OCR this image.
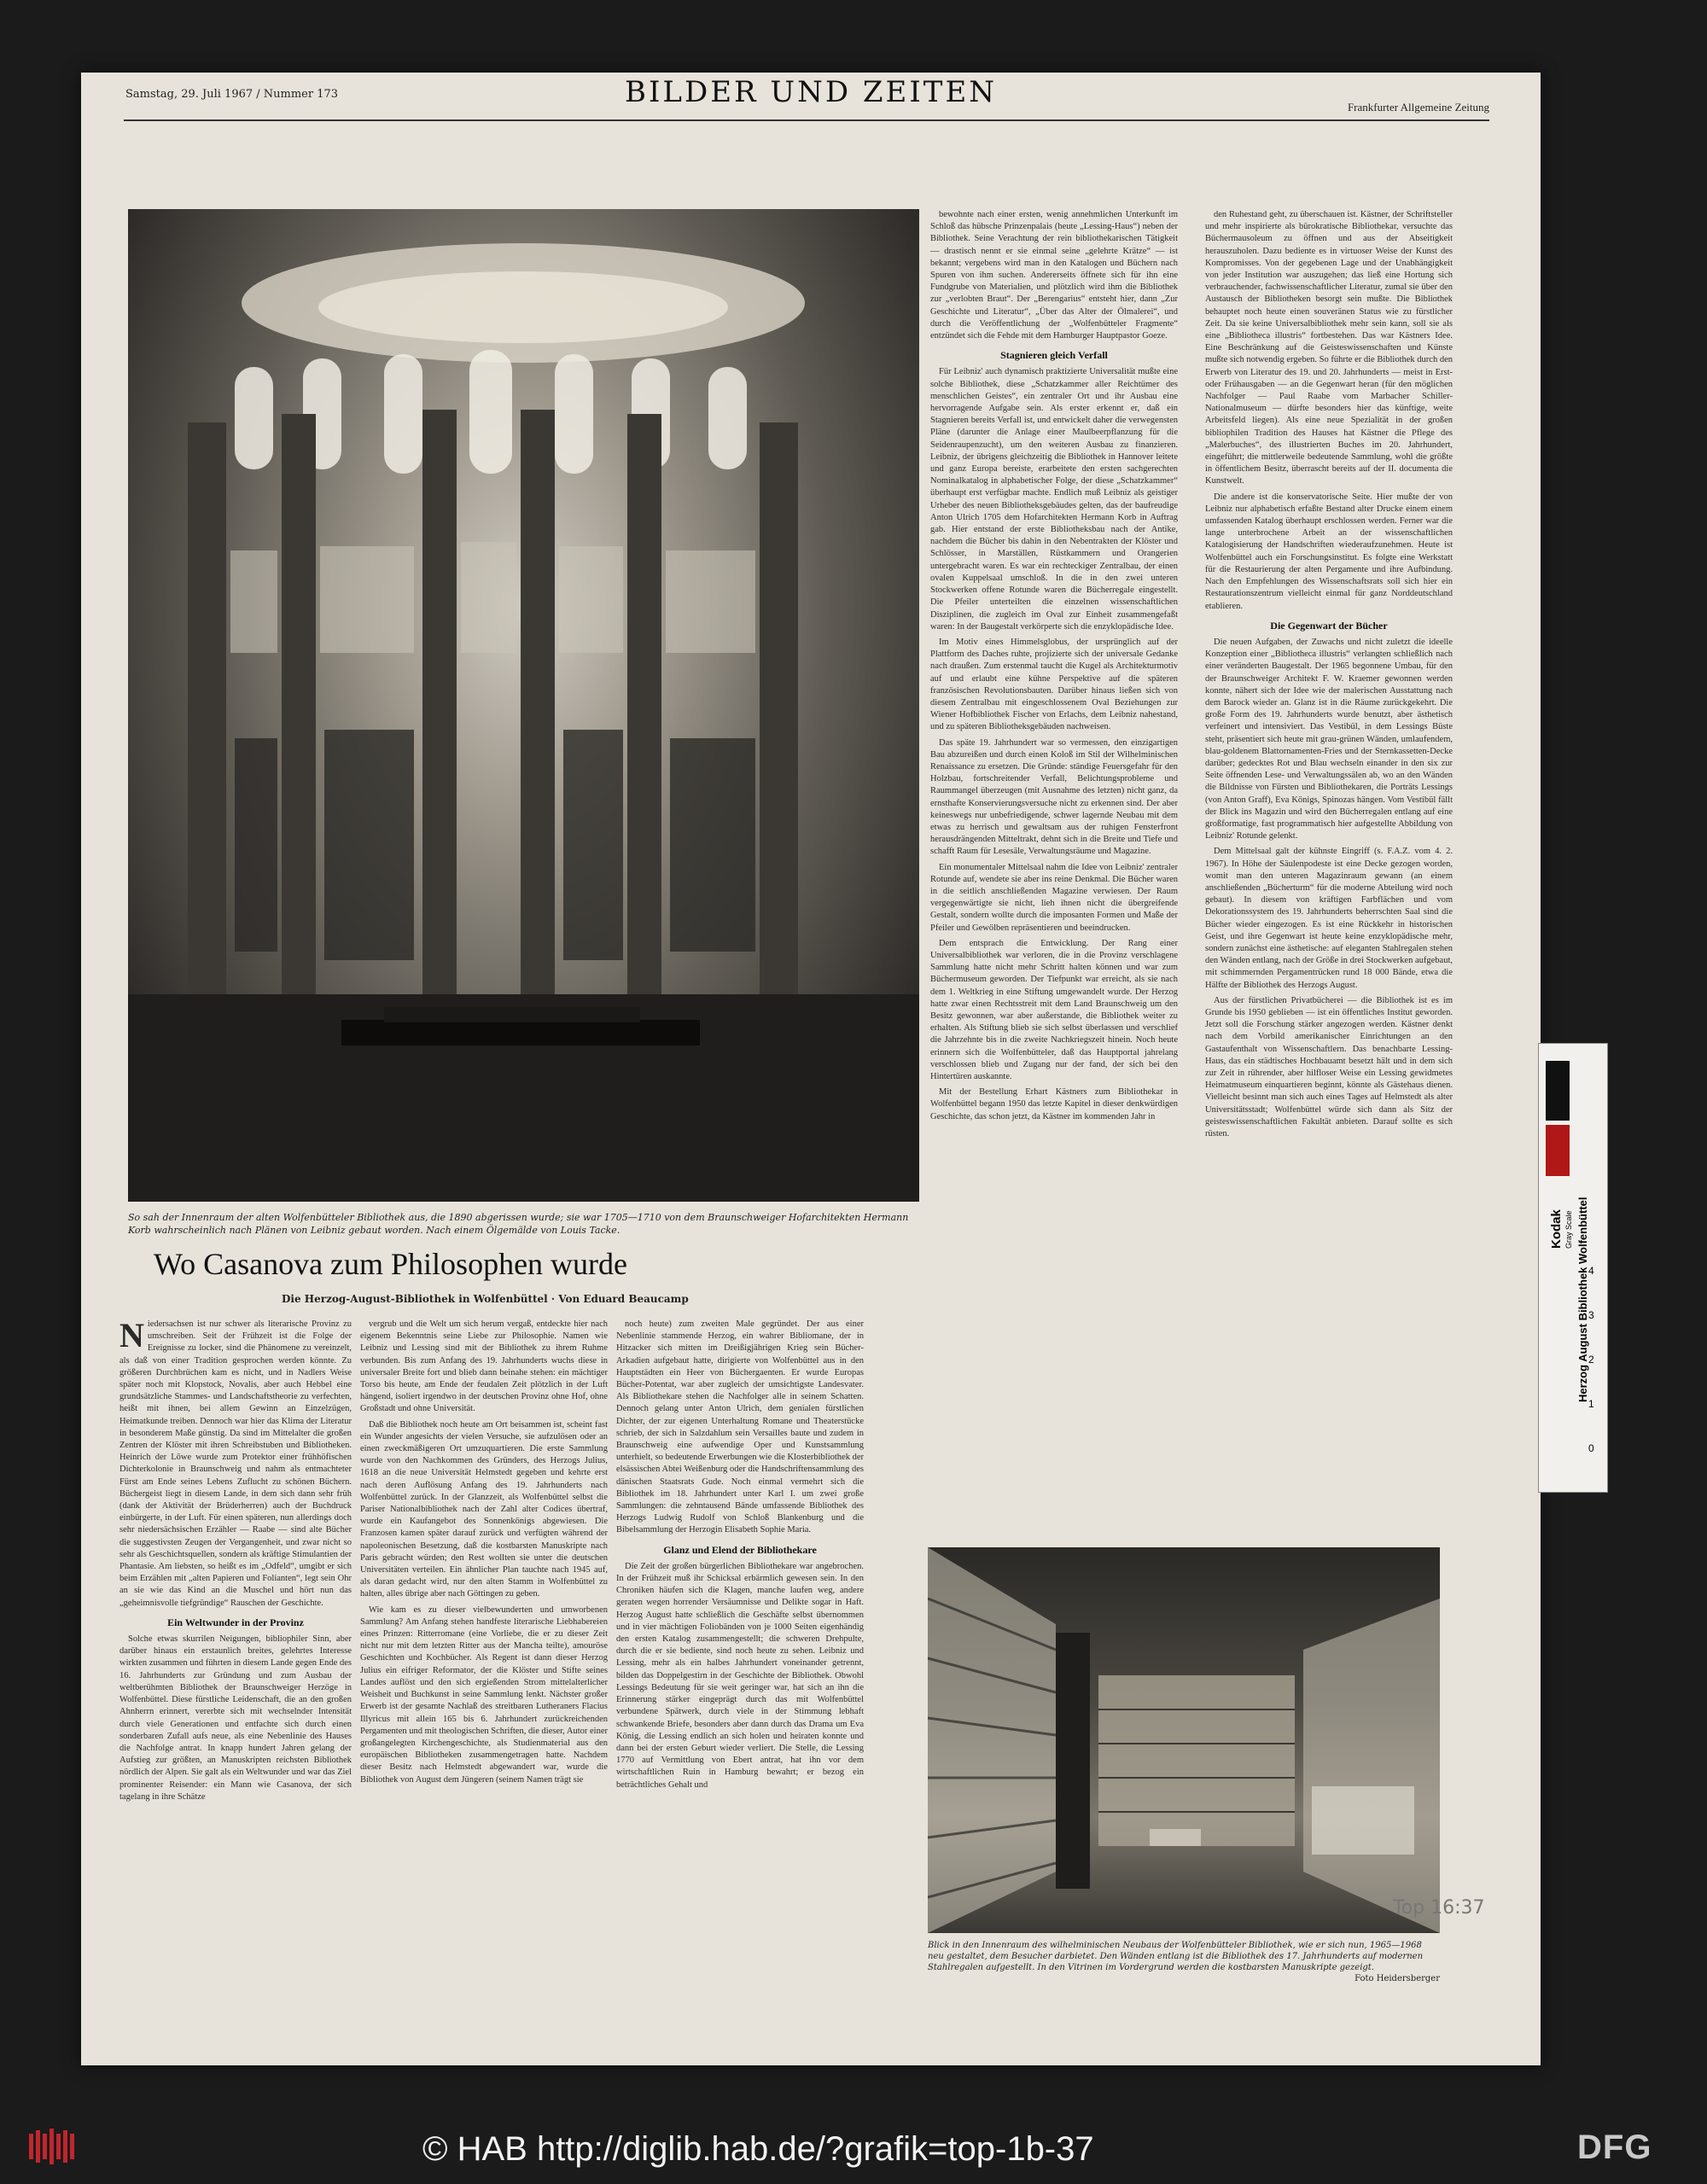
Samstag, 29. Juli 1967 / Nummer 173	BILDER UND ZEITEN	Frankfurter Allgemeine Zeitung
So sah der Innenraum der alten Wolfenbütteler Bibliothek aus, die 1890 abgerissen wurde; sie war 1705—1710 von dem Braunschweiger Hofarchitekten Hermann Korb wahrscheinlich nach Plänen von Leibniz gebaut worden. Nach einem Ölgemälde von Louis Tacke.
Wo Casanova zum Philosophen wurde
Die Herzog-August-Bibliothek in Wolfenbüttel · Von Eduard Beaucamp

Niedersachsen ist nur schwer als literarische Provinz zu umschreiben. Seit der Frühzeit ist die Folge der Ereignisse zu locker, sind die Phänomene zu vereinzelt, als daß von einer Tradition gesprochen werden könnte. Zu größeren Durchbrüchen kam es nicht, und in Nadlers Weise später noch mit Klopstock, Novalis, aber auch Hebbel eine grundsätzliche Stammes- und Landschaftstheorie zu verfechten, heißt mit ihnen, bei allem Gewinn an Einzelzügen, Heimatkunde treiben. Dennoch war hier das Klima der Literatur in besonderem Maße günstig. Da sind im Mittelalter die großen Zentren der Klöster mit ihren Schreibstuben und Bibliotheken. Heinrich der Löwe wurde zum Protektor einer frühhöfischen Dichterkolonie in Braunschweig und nahm als entmachteter Fürst am Ende seines Lebens Zuflucht zu schönen Büchern. Büchergeist liegt in diesem Lande, in dem sich dann sehr früh (dank der Aktivität der Brüderherren) auch der Buchdruck einbürgerte, in der Luft. Für einen späteren, nun allerdings doch sehr niedersächsischen Erzähler — Raabe — sind alte Bücher die suggestivsten Zeugen der Vergangenheit, und zwar nicht so sehr als Geschichtsquellen, sondern als kräftige Stimulantien der Phantasie. Am liebsten, so heißt es im „Odfeld“, umgibt er sich beim Erzählen mit „alten Papieren und Folianten“, legt sein Ohr an sie wie das Kind an die Muschel und hört nun das „geheimnisvolle tiefgründige“ Rauschen der Geschichte.

Ein Weltwunder in der Provinz

Solche etwas skurrilen Neigungen, bibliophiler Sinn, aber darüber hinaus ein erstaunlich breites, gelehrtes Interesse wirkten zusammen und führten in diesem Lande gegen Ende des 16. Jahrhunderts zur Gründung und zum Ausbau der weltberühmten Bibliothek der Braunschweiger Herzöge in Wolfenbüttel. Diese fürstliche Leidenschaft, die an den großen Ahnherrn erinnert, vererbte sich mit wechselnder Intensität durch viele Generationen und entfachte sich durch einen sonderbaren Zufall aufs neue, als eine Nebenlinie des Hauses die Nachfolge antrat. In knapp hundert Jahren gelang der Aufstieg zur größten, an Manuskripten reichsten Bibliothek nördlich der Alpen. Sie galt als ein Weltwunder und war das Ziel prominenter Reisender: ein Mann wie Casanova, der sich tagelang in ihre Schätze

vergrub und die Welt um sich herum vergaß, entdeckte hier nach eigenem Bekenntnis seine Liebe zur Philosophie. Namen wie Leibniz und Lessing sind mit der Bibliothek zu ihrem Ruhme verbunden. Bis zum Anfang des 19. Jahrhunderts wuchs diese in universaler Breite fort und blieb dann beinahe stehen: ein mächtiger Torso bis heute, am Ende der feudalen Zeit plötzlich in der Luft hängend, isoliert irgendwo in der deutschen Provinz ohne Hof, ohne Großstadt und ohne Universität.

Daß die Bibliothek noch heute am Ort beisammen ist, scheint fast ein Wunder angesichts der vielen Versuche, sie aufzulösen oder an einen zweckmäßigeren Ort umzuquartieren. Die erste Sammlung wurde von den Nachkommen des Gründers, des Herzogs Julius, 1618 an die neue Universität Helmstedt gegeben und kehrte erst nach deren Auflösung Anfang des 19. Jahrhunderts nach Wolfenbüttel zurück. In der Glanzzeit, als Wolfenbüttel selbst die Pariser Nationalbibliothek nach der Zahl alter Codices übertraf, wurde ein Kaufangebot des Sonnenkönigs abgewiesen. Die Franzosen kamen später darauf zurück und verfügten während der napoleonischen Besetzung, daß die kostbarsten Manuskripte nach Paris gebracht würden; den Rest wollten sie unter die deutschen Universitäten verteilen. Ein ähnlicher Plan tauchte nach 1945 auf, als daran gedacht wird, nur den alten Stamm in Wolfenbüttel zu halten, alles übrige aber nach Göttingen zu geben.

Wie kam es zu dieser vielbewunderten und umworbenen Sammlung? Am Anfang stehen handfeste literarische Liebhabereien eines Prinzen: Ritterromane (eine Vorliebe, die er zu dieser Zeit nicht nur mit dem letzten Ritter aus der Mancha teilte), amouröse Geschichten und Kochbücher. Als Regent ist dann dieser Herzog Julius ein eifriger Reformator, der die Klöster und Stifte seines Landes auflöst und den sich ergießenden Strom mittelalterlicher Weisheit und Buchkunst in seine Sammlung lenkt. Nächster großer Erwerb ist der gesamte Nachlaß des streitbaren Lutheraners Flacius Illyricus mit allein 165 bis 6. Jahrhundert zurückreichenden Pergamenten und mit theologischen Schriften, die dieser, Autor einer großangelegten Kirchengeschichte, als Studienmaterial aus den europäischen Bibliotheken zusammengetragen hatte. Nachdem dieser Besitz nach Helmstedt abgewandert war, wurde die Bibliothek von August dem Jüngeren (seinem Namen trägt sie

noch heute) zum zweiten Male gegründet. Der aus einer Nebenlinie stammende Herzog, ein wahrer Bibliomane, der in Hitzacker sich mitten im Dreißigjährigen Krieg sein Bücher-Arkadien aufgebaut hatte, dirigierte von Wolfenbüttel aus in den Hauptstädten ein Heer von Büchergaenten. Er wurde Europas Bücher-Potentat, war aber zugleich der umsichtigste Landesvater. Als Bibliothekare stehen die Nachfolger alle in seinem Schatten. Dennoch gelang unter Anton Ulrich, dem genialen fürstlichen Dichter, der zur eigenen Unterhaltung Romane und Theaterstücke schrieb, der sich in Salzdahlum sein Versailles baute und zudem in Braunschweig eine aufwendige Oper und Kunstsammlung unterhielt, so bedeutende Erwerbungen wie die Klosterbibliothek der elsässischen Abtei Weißenburg oder die Handschriftensammlung des dänischen Staatsrats Gude. Noch einmal vermehrt sich die Bibliothek im 18. Jahrhundert unter Karl I. um zwei große Sammlungen: die zehntausend Bände umfassende Bibliothek des Herzogs Ludwig Rudolf von Schloß Blankenburg und die Bibelsammlung der Herzogin Elisabeth Sophie Maria.

Glanz und Elend der Bibliothekare

Die Zeit der großen bürgerlichen Bibliothekare war angebrochen. In der Frühzeit muß ihr Schicksal erbärmlich gewesen sein. In den Chroniken häufen sich die Klagen, manche laufen weg, andere geraten wegen horrender Versäumnisse und Delikte sogar in Haft. Herzog August hatte schließlich die Geschäfte selbst übernommen und in vier mächtigen Foliobänden von je 1000 Seiten eigenhändig den ersten Katalog zusammengestellt; die schweren Drehpulte, durch die er sie bediente, sind noch heute zu sehen. Leibniz und Lessing, mehr als ein halbes Jahrhundert voneinander getrennt, bilden das Doppelgestirn in der Geschichte der Bibliothek. Obwohl Lessings Bedeutung für sie weit geringer war, hat sich an ihn die Erinnerung stärker eingeprägt durch das mit Wolfenbüttel verbundene Spätwerk, durch viele in der Stimmung lebhaft schwankende Briefe, besonders aber dann durch das Drama um Eva König, die Lessing endlich an sich holen und heiraten konnte und dann bei der ersten Geburt wieder verliert. Die Stelle, die Lessing 1770 auf Vermittlung von Ebert antrat, hat ihn vor dem wirtschaftlichen Ruin in Hamburg bewahrt; er bezog ein beträchtliches Gehalt und

bewohnte nach einer ersten, wenig annehmlichen Unterkunft im Schloß das hübsche Prinzenpalais (heute „Lessing-Haus“) neben der Bibliothek. Seine Verachtung der rein bibliothekarischen Tätigkeit — drastisch nennt er sie einmal seine „gelehrte Krätze“ — ist bekannt; vergebens wird man in den Katalogen und Büchern nach Spuren von ihm suchen. Andererseits öffnete sich für ihn eine Fundgrube von Materialien, und plötzlich wird ihm die Bibliothek zur „verlobten Braut“. Der „Berengarius“ entsteht hier, dann „Zur Geschichte und Literatur“, „Über das Alter der Ölmalerei“, und durch die Veröffentlichung der „Wolfenbütteler Fragmente“ entzündet sich die Fehde mit dem Hamburger Hauptpastor Goeze.

Stagnieren gleich Verfall

Für Leibniz' auch dynamisch praktizierte Universalität mußte eine solche Bibliothek, diese „Schatzkammer aller Reichtümer des menschlichen Geistes“, ein zentraler Ort und ihr Ausbau eine hervorragende Aufgabe sein. Als erster erkennt er, daß ein Stagnieren bereits Verfall ist, und entwickelt daher die verwegensten Pläne (darunter die Anlage einer Maulbeerpflanzung für die Seidenraupenzucht), um den weiteren Ausbau zu finanzieren. Leibniz, der übrigens gleichzeitig die Bibliothek in Hannover leitete und ganz Europa bereiste, erarbeitete den ersten sachgerechten Nominalkatalog in alphabetischer Folge, der diese „Schatzkammer“ überhaupt erst verfügbar machte. Endlich muß Leibniz als geistiger Urheber des neuen Bibliotheksgebäudes gelten, das der baufreudige Anton Ulrich 1705 dem Hofarchitekten Hermann Korb in Auftrag gab. Hier entstand der erste Bibliotheksbau nach der Antike, nachdem die Bücher bis dahin in den Nebentrakten der Klöster und Schlösser, in Marställen, Rüstkammern und Orangerien untergebracht waren. Es war ein rechteckiger Zentralbau, der einen ovalen Kuppelsaal umschloß. In die in den zwei unteren Stockwerken offene Rotunde waren die Bücherregale eingestellt. Die Pfeiler unterteilten die einzelnen wissenschaftlichen Disziplinen, die zugleich im Oval zur Einheit zusammengefaßt waren: In der Baugestalt verkörperte sich die enzyklopädische Idee.

Im Motiv eines Himmelsglobus, der ursprünglich auf der Plattform des Daches ruhte, projizierte sich der universale Gedanke nach draußen. Zum erstenmal taucht die Kugel als Architekturmotiv auf und erlaubt eine kühne Perspektive auf die späteren französischen Revolutionsbauten. Darüber hinaus ließen sich von diesem Zentralbau mit eingeschlossenem Oval Beziehungen zur Wiener Hofbibliothek Fischer von Erlachs, dem Leibniz nahestand, und zu späteren Bibliotheksgebäuden nachweisen.

Das späte 19. Jahrhundert war so vermessen, den einzigartigen Bau abzureißen und durch einen Koloß im Stil der Wilhelminischen Renaissance zu ersetzen. Die Gründe: ständige Feuersgefahr für den Holzbau, fortschreitender Verfall, Belichtungsprobleme und Raummangel überzeugen (mit Ausnahme des letzten) nicht ganz, da ernsthafte Konservierungsversuche nicht zu erkennen sind. Der aber keineswegs nur unbefriedigende, schwer lagernde Neubau mit dem etwas zu herrisch und gewaltsam aus der ruhigen Fensterfront herausdrängenden Mitteltrakt, dehnt sich in die Breite und Tiefe und schafft Raum für Lesesäle, Verwaltungsräume und Magazine.

Ein monumentaler Mittelsaal nahm die Idee von Leibniz' zentraler Rotunde auf, wendete sie aber ins reine Denkmal. Die Bücher waren in die seitlich anschließenden Magazine verwiesen. Der Raum vergegenwärtigte sie nicht, lieh ihnen nicht die übergreifende Gestalt, sondern wollte durch die imposanten Formen und Maße der Pfeiler und Gewölben repräsentieren und beeindrucken.

Dem entsprach die Entwicklung. Der Rang einer Universalbibliothek war verloren, die in die Provinz verschlagene Sammlung hatte nicht mehr Schritt halten können und war zum Büchermuseum geworden. Der Tiefpunkt war erreicht, als sie nach dem 1. Weltkrieg in eine Stiftung umgewandelt wurde. Der Herzog hatte zwar einen Rechtsstreit mit dem Land Braunschweig um den Besitz gewonnen, war aber außerstande, die Bibliothek weiter zu erhalten. Als Stiftung blieb sie sich selbst überlassen und verschlief die Jahrzehnte bis in die zweite Nachkriegszeit hinein. Noch heute erinnern sich die Wolfenbütteler, daß das Hauptportal jahrelang verschlossen blieb und Zugang nur der fand, der sich bei den Hintertüren auskannte.

Mit der Bestellung Erhart Kästners zum Bibliothekar in Wolfenbüttel begann 1950 das letzte Kapitel in dieser denkwürdigen Geschichte, das schon jetzt, da Kästner im kommenden Jahr in

den Ruhestand geht, zu überschauen ist. Kästner, der Schriftsteller und mehr inspirierte als bürokratische Bibliothekar, versuchte das Büchermausoleum zu öffnen und aus der Abseitigkeit herauszuholen. Dazu bediente es in virtuoser Weise der Kunst des Kompromisses. Von der gegebenen Lage und der Unabhängigkeit von jeder Institution war auszugehen; das ließ eine Hortung sich verbrauchender, fachwissenschaftlicher Literatur, zumal sie über den Austausch der Bibliotheken besorgt sein mußte. Die Bibliothek behauptet noch heute einen souveränen Status wie zu fürstlicher Zeit. Da sie keine Universalbibliothek mehr sein kann, soll sie als eine „Bibliotheca illustris“ fortbestehen. Das war Kästners Idee. Eine Beschränkung auf die Geisteswissenschaften und Künste mußte sich notwendig ergeben. So führte er die Bibliothek durch den Erwerb von Literatur des 19. und 20. Jahrhunderts — meist in Erst- oder Frühausgaben — an die Gegenwart heran (für den möglichen Nachfolger — Paul Raabe vom Marbacher Schiller-Nationalmuseum — dürfte besonders hier das künftige, weite Arbeitsfeld liegen). Als eine neue Spezialität in der großen bibliophilen Tradition des Hauses hat Kästner die Pflege des „Malerbuches“, des illustrierten Buches im 20. Jahrhundert, eingeführt; die mittlerweile bedeutende Sammlung, wohl die größte in öffentlichem Besitz, überrascht bereits auf der II. documenta die Kunstwelt.

Die andere ist die konservatorische Seite. Hier mußte der von Leibniz nur alphabetisch erfaßte Bestand alter Drucke einem einem umfassenden Katalog überhaupt erschlossen werden. Ferner war die lange unterbrochene Arbeit an der wissenschaftlichen Katalogisierung der Handschriften wiederaufzunehmen. Heute ist Wolfenbüttel auch ein Forschungsinstitut. Es folgte eine Werkstatt für die Restaurierung der alten Pergamente und ihre Aufbindung. Nach den Empfehlungen des Wissenschaftsrats soll sich hier ein Restaurationszentrum vielleicht einmal für ganz Norddeutschland etablieren.

Die Gegenwart der Bücher

Die neuen Aufgaben, der Zuwachs und nicht zuletzt die ideelle Konzeption einer „Bibliotheca illustris“ verlangten schließlich nach einer veränderten Baugestalt. Der 1965 begonnene Umbau, für den der Braunschweiger Architekt F. W. Kraemer gewonnen werden konnte, nähert sich der Idee wie der malerischen Ausstattung nach dem Barock wieder an. Glanz ist in die Räume zurückgekehrt. Die große Form des 19. Jahrhunderts wurde benutzt, aber ästhetisch verfeinert und intensiviert. Das Vestibül, in dem Lessings Büste steht, präsentiert sich heute mit grau-grünen Wänden, umlaufendem, blau-goldenem Blattornamenten-Fries und der Sternkassetten-Decke darüber; gedecktes Rot und Blau wechseln einander in den six zur Seite öffnenden Lese- und Verwaltungssälen ab, wo an den Wänden die Bildnisse von Fürsten und Bibliothekaren, die Porträts Lessings (von Anton Graff), Eva Königs, Spinozas hängen. Vom Vestibül fällt der Blick ins Magazin und wird den Bücherregalen entlang auf eine großformatige, fast programmatisch hier aufgestellte Abbildung von Leibniz' Rotunde gelenkt.

Dem Mittelsaal galt der kühnste Eingriff (s. F.A.Z. vom 4. 2. 1967). In Höhe der Säulenpodeste ist eine Decke gezogen worden, womit man den unteren Magazinraum gewann (an einem anschließenden „Bücherturm“ für die moderne Abteilung wird noch gebaut). In diesem von kräftigen Farbflächen und vom Dekorationssystem des 19. Jahrhunderts beherrschten Saal sind die Bücher wieder eingezogen. Es ist eine Rückkehr in historischen Geist, und ihre Gegenwart ist heute keine enzyklopädische mehr, sondern zunächst eine ästhetische: auf eleganten Stahlregalen stehen den Wänden entlang, nach der Größe in drei Stockwerken aufgebaut, mit schimmernden Pergamentrücken rund 18 000 Bände, etwa die Hälfte der Bibliothek des Herzogs August.

Aus der fürstlichen Privatbücherei — die Bibliothek ist es im Grunde bis 1950 geblieben — ist ein öffentliches Institut geworden. Jetzt soll die Forschung stärker angezogen werden. Kästner denkt nach dem Vorbild amerikanischer Einrichtungen an den Gastaufenthalt von Wissenschaftlern. Das benachbarte Lessing-Haus, das ein städtisches Hochbauamt besetzt hält und in dem sich zur Zeit in rührender, aber hilfloser Weise ein Lessing gewidmetes Heimatmuseum einquartieren beginnt, könnte als Gästehaus dienen. Vielleicht besinnt man sich auch eines Tages auf Helmstedt als alter Universitätsstadt; Wolfenbüttel würde sich dann als Sitz der geisteswissenschaftlichen Fakultät anbieten. Darauf sollte es sich rüsten.

Blick in den Innenraum des wilhelminischen Neubaus der Wolfenbütteler Bibliothek, wie er sich nun, 1965—1968 neu gestaltet, dem Besucher darbietet. Den Wänden entlang ist die Bibliothek des 17. Jahrhunderts auf modernen Stahlregalen aufgestellt. In den Vitrinen im Vordergrund werden die kostbarsten Manuskripte gezeigt.
Foto Heidersberger
Top 16:37
Herzog August Bibliothek Wolfenbüttel
Kodak Gray Scale
4
3
2
1
0
© HAB http://diglib.hab.de/?grafik=top-1b-37	DFG
